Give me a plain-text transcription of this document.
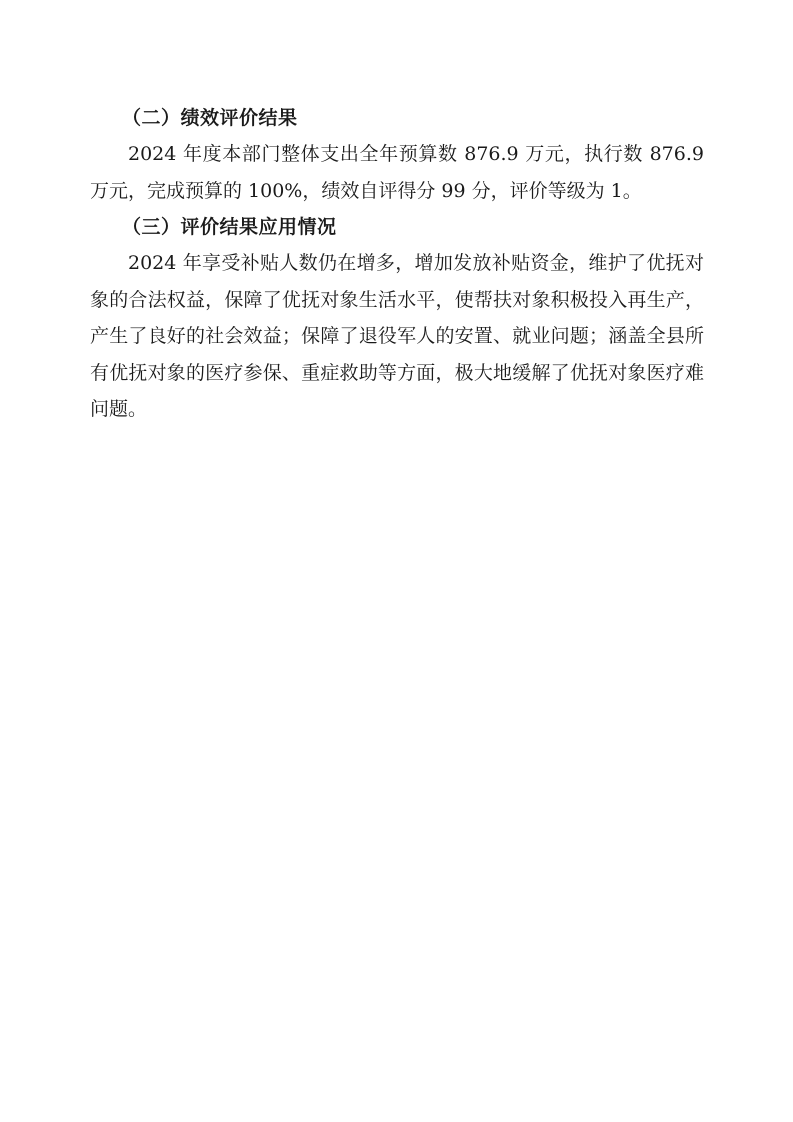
（二）绩效评价结果

2024 年度本部门整体支出全年预算数 876.9 万元，执行数 876.9 万元，完成预算的 100%，绩效自评得分 99 分，评价等级为 1。

（三）评价结果应用情况

2024 年享受补贴人数仍在增多，增加发放补贴资金，维护了优抚对象的合法权益，保障了优抚对象生活水平，使帮扶对象积极投入再生产，产生了良好的社会效益；保障了退役军人的安置、就业问题；涵盖全县所有优抚对象的医疗参保、重症救助等方面，极大地缓解了优抚对象医疗难问题。
